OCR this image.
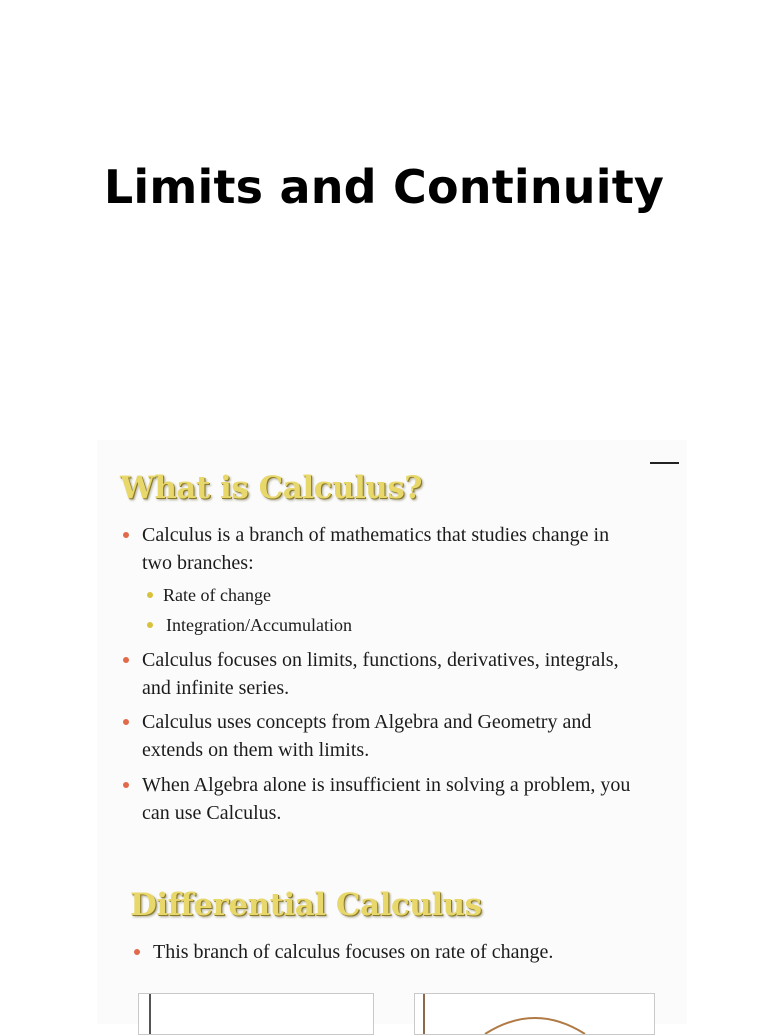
Limits and Continuity
What is Calculus?
Calculus is a branch of mathematics that studies change in
two branches:
Rate of change
Integration/Accumulation
Calculus focuses on limits, functions, derivatives, integrals,
and infinite series.
Calculus uses concepts from Algebra and Geometry and
extends on them with limits.
When Algebra alone is insufficient in solving a problem, you
can use Calculus.
Differential Calculus
This branch of calculus focuses on rate of change.
